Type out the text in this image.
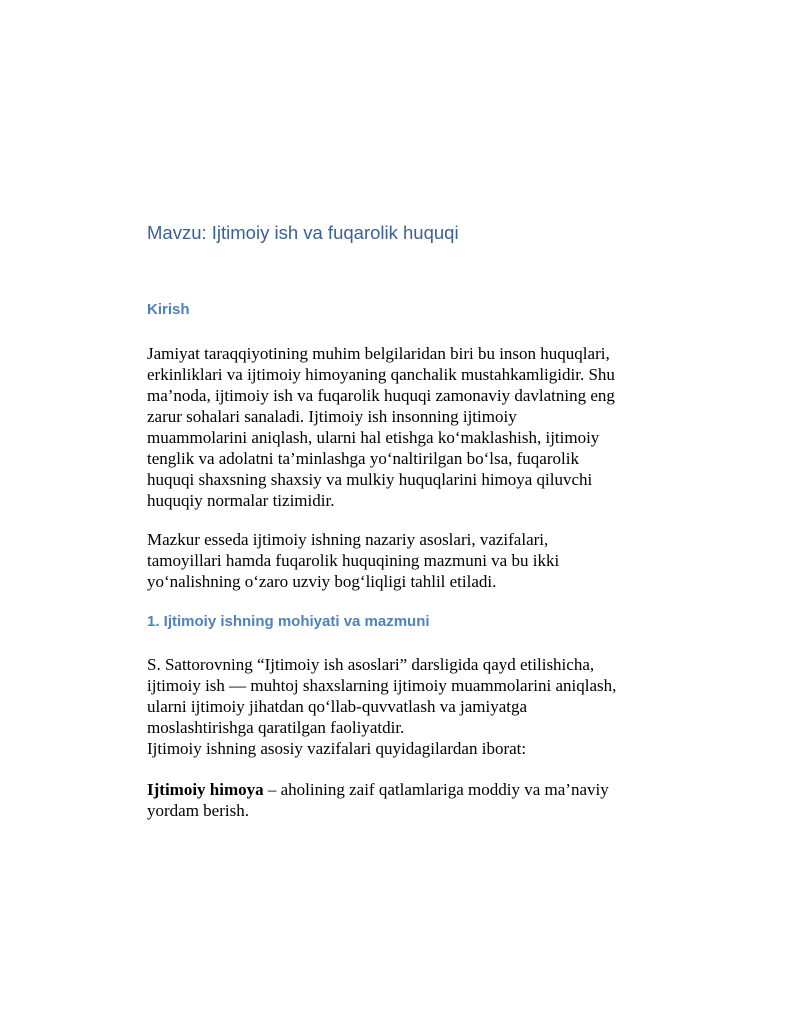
Mavzu: Ijtimoiy ish va fuqarolik huquqi
Kirish
Jamiyat taraqqiyotining muhim belgilaridan biri bu inson huquqlari,
erkinliklari va ijtimoiy himoyaning qanchalik mustahkamligidir. Shu
ma’noda, ijtimoiy ish va fuqarolik huquqi zamonaviy davlatning eng
zarur sohalari sanaladi. Ijtimoiy ish insonning ijtimoiy
muammolarini aniqlash, ularni hal etishga ko‘maklashish, ijtimoiy
tenglik va adolatni ta’minlashga yo‘naltirilgan bo‘lsa, fuqarolik
huquqi shaxsning shaxsiy va mulkiy huquqlarini himoya qiluvchi
huquqiy normalar tizimidir.
Mazkur esseda ijtimoiy ishning nazariy asoslari, vazifalari,
tamoyillari hamda fuqarolik huquqining mazmuni va bu ikki
yo‘nalishning o‘zaro uzviy bog‘liqligi tahlil etiladi.
1. Ijtimoiy ishning mohiyati va mazmuni
S. Sattorovning “Ijtimoiy ish asoslari” darsligida qayd etilishicha,
ijtimoiy ish — muhtoj shaxslarning ijtimoiy muammolarini aniqlash,
ularni ijtimoiy jihatdan qo‘llab-quvvatlash va jamiyatga
moslashtirishga qaratilgan faoliyatdir.
Ijtimoiy ishning asosiy vazifalari quyidagilardan iborat:
Ijtimoiy himoya – aholining zaif qatlamlariga moddiy va ma’naviy
yordam berish.
